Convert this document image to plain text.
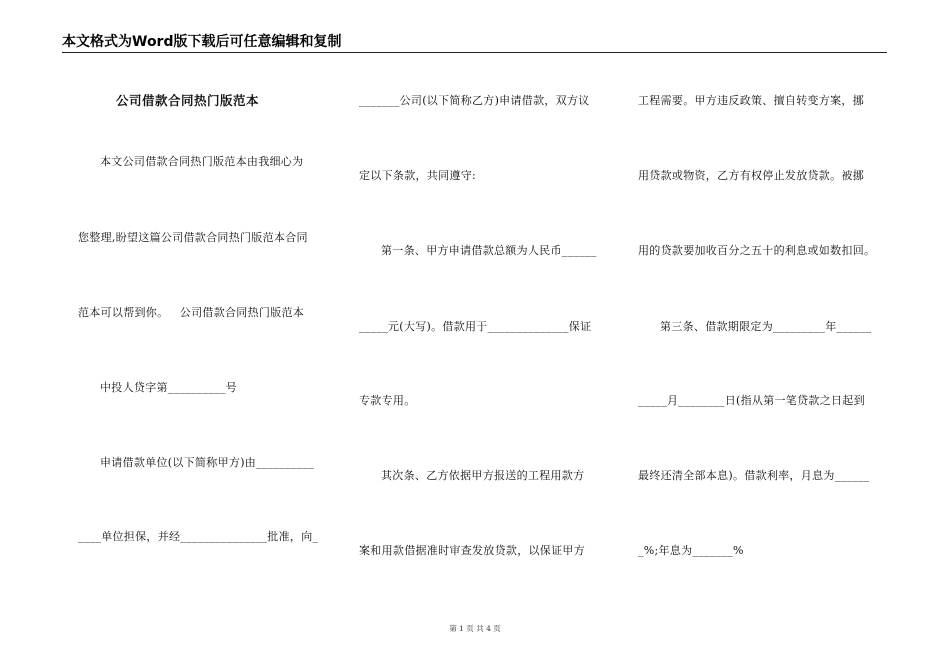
本文格式为Word版下载后可任意编辑和复制
公司借款合同热门版范本
本文公司借款合同热门版范本由我细心为
您整理,盼望这篇公司借款合同热门版范本合同
范本可以帮到你。   公司借款合同热门版范本
中投人贷字第__________号
申请借款单位(以下简称甲方)由__________
____单位担保，并经_______________批准，向_
_______公司(以下简称乙方)申请借款，双方议
定以下条款，共同遵守:
第一条、甲方申请借款总额为人民币______
_____元(大写)。借款用于______________保证
专款专用。
其次条、乙方依据甲方报送的工程用款方
案和用款借据准时审查发放贷款，以保证甲方
工程需要。甲方违反政策、擅自转变方案，挪
用贷款或物资，乙方有权停止发放贷款。被挪
用的贷款要加收百分之五十的利息或如数扣回。
第三条、借款期限定为_________年______
_____月________日(指从第一笔贷款之日起到
最终还清全部本息)。借款利率，月息为______
_%;年息为_______%
第 1 页 共 4 页
